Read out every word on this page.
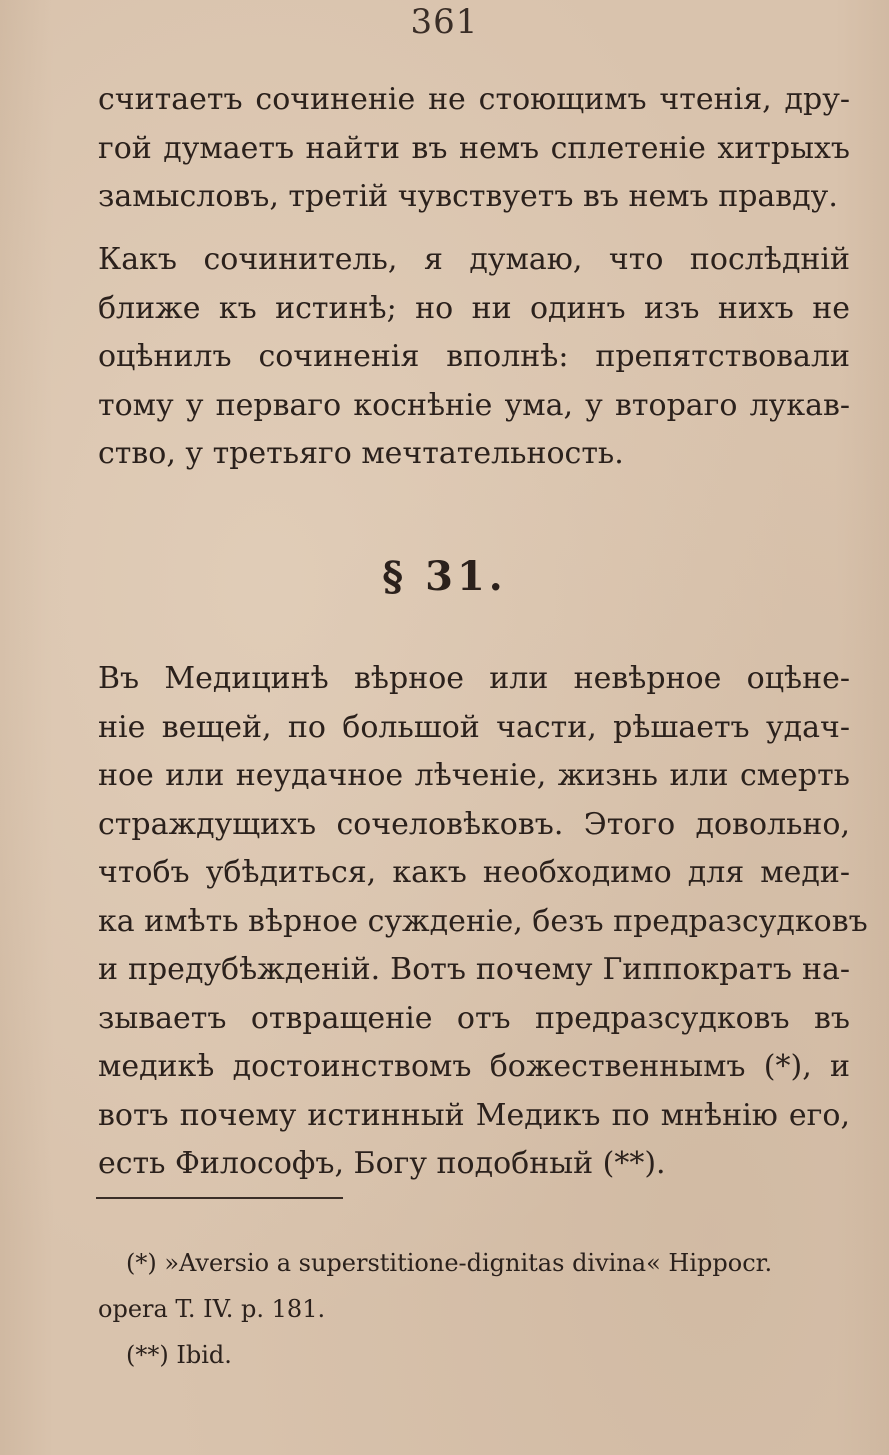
361
считаетъ сочиненіе не стоющимъ чтенія, дру-
гой думаетъ найти въ немъ сплетеніе хитрыхъ
замысловъ, третій чувствуетъ въ немъ правду.
Какъ сочинитель, я думаю, что послѣдній
ближе къ истинѣ; но ни одинъ изъ нихъ не
оцѣнилъ сочиненія вполнѣ: препятствовали
тому у перваго коснѣніе ума, у втораго лукав-
ство, у третьяго мечтательность.
§ 31.
Въ Медицинѣ вѣрное или невѣрное оцѣне-
ніе вещей, по большой части, рѣшаетъ удач-
ное или неудачное лѣченіе, жизнь или смерть
страждущихъ сочеловѣковъ. Этого довольно,
чтобъ убѣдиться, какъ необходимо для меди-
ка имѣть вѣрное сужденіе, безъ предразсудковъ
и предубѣжденій. Вотъ почему Гиппократъ на-
зываетъ отвращеніе отъ предразсудковъ въ
медикѣ достоинствомъ божественнымъ (*), и
вотъ почему истинный Медикъ по мнѣнію его,
есть Философъ, Богу подобный (**).
(*) »Aversio a superstitione-dignitas divina« Hippocr.
opera T. IV. p. 181.
(**) Ibid.
